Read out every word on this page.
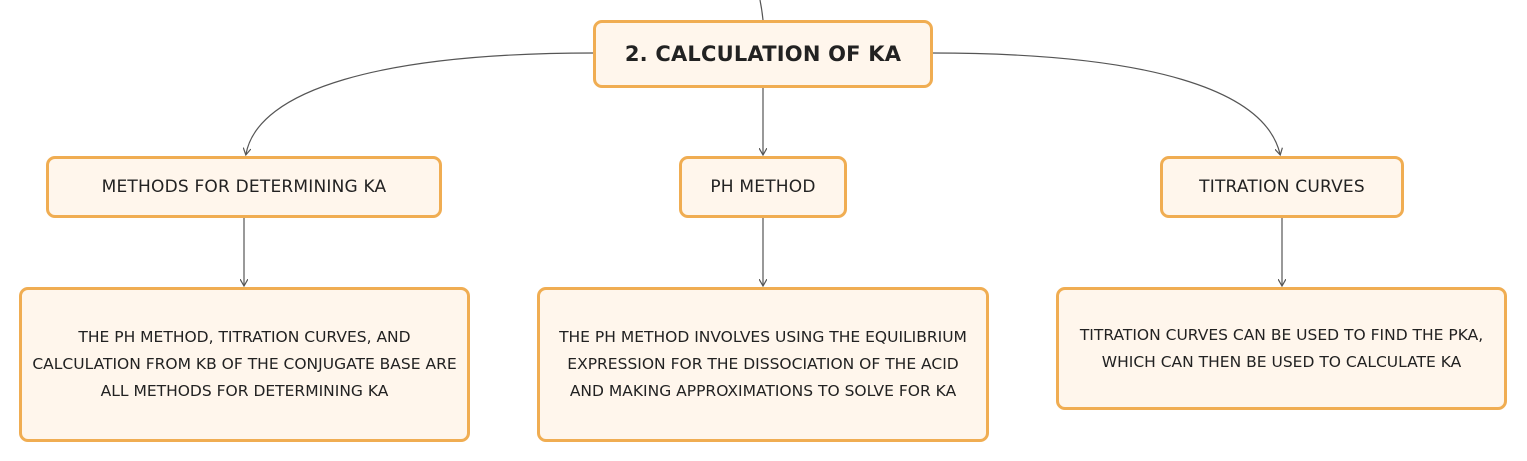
2. CALCULATION OF KA
METHODS FOR DETERMINING KA	PH METHOD	TITRATION CURVES
THE PH METHOD, TITRATION CURVES, AND CALCULATION FROM KB OF THE CONJUGATE BASE ARE ALL METHODS FOR DETERMINING KA
THE PH METHOD INVOLVES USING THE EQUILIBRIUM EXPRESSION FOR THE DISSOCIATION OF THE ACID AND MAKING APPROXIMATIONS TO SOLVE FOR KA
TITRATION CURVES CAN BE USED TO FIND THE PKA, WHICH CAN THEN BE USED TO CALCULATE KA
